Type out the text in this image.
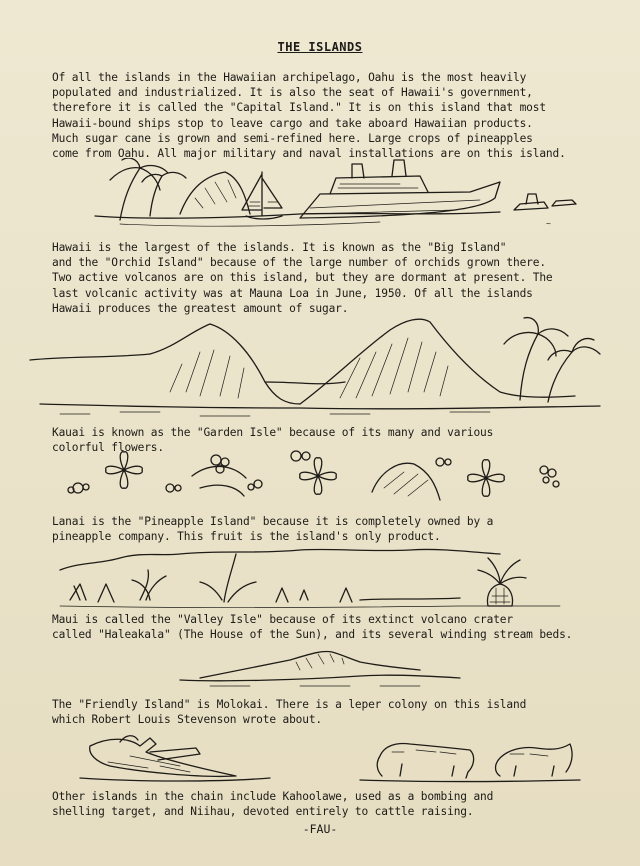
THE ISLANDS
Of all the islands in the Hawaiian archipelago, Oahu is the most heavily
populated and industrialized. It is also the seat of Hawaii's government,
therefore it is called the "Capital Island." It is on this island that most
Hawaii-bound ships stop to leave cargo and take aboard Hawaiian products.
Much sugar cane is grown and semi-refined here. Large crops of pineapples
come from Oahu. All major military and naval installations are on this island.
~
Hawaii is the largest of the islands. It is known as the "Big Island"
and the "Orchid Island" because of the large number of orchids grown there.
Two active volcanos are on this island, but they are dormant at present. The
last volcanic activity was at Mauna Loa in June, 1950. Of all the islands
Hawaii produces the greatest amount of sugar.
Kauai is known as the "Garden Isle" because of its many and various
colorful flowers.
Lanai is the "Pineapple Island" because it is completely owned by a
pineapple company. This fruit is the island's only product.
Maui is called the "Valley Isle" because of its extinct volcano crater
called "Haleakala" (The House of the Sun), and its several winding stream beds.
The "Friendly Island" is Molokai. There is a leper colony on this island
which Robert Louis Stevenson wrote about.
Other islands in the chain include Kahoolawe, used as a bombing and
shelling target, and Niihau, devoted entirely to cattle raising.
-FAU-
